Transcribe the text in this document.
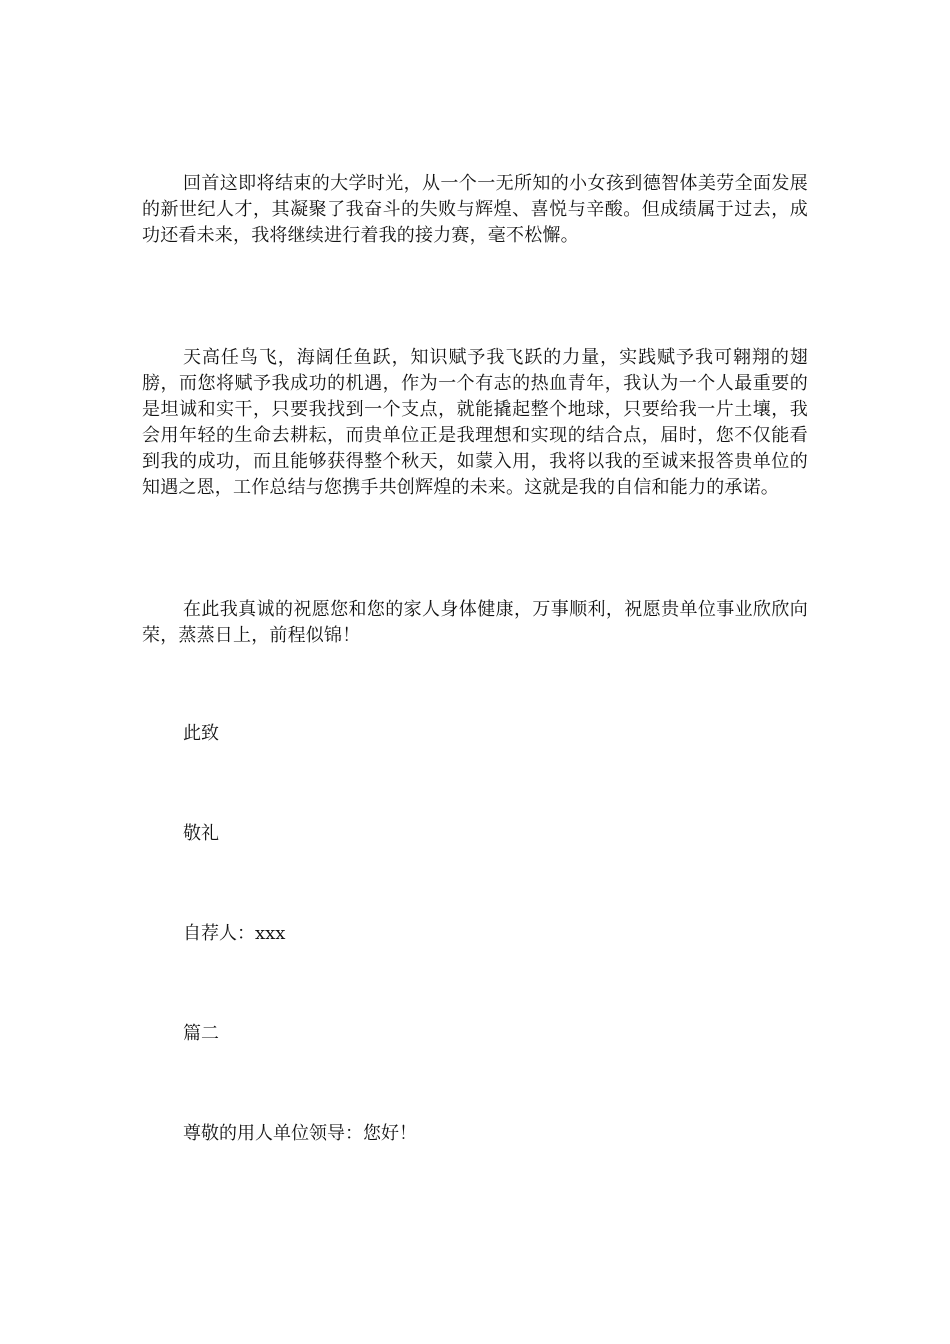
回首这即将结束的大学时光，从一个一无所知的小女孩到德智体美劳全面发展的新世纪人才，其凝聚了我奋斗的失败与辉煌、喜悦与辛酸。但成绩属于过去，成功还看未来，我将继续进行着我的接力赛，毫不松懈。

天高任鸟飞，海阔任鱼跃，知识赋予我飞跃的力量，实践赋予我可翱翔的翅膀，而您将赋予我成功的机遇，作为一个有志的热血青年，我认为一个人最重要的是坦诚和实干，只要我找到一个支点，就能撬起整个地球，只要给我一片土壤，我会用年轻的生命去耕耘，而贵单位正是我理想和实现的结合点，届时，您不仅能看到我的成功，而且能够获得整个秋天，如蒙入用，我将以我的至诚来报答贵单位的知遇之恩，工作总结与您携手共创辉煌的未来。这就是我的自信和能力的承诺。

在此我真诚的祝愿您和您的家人身体健康，万事顺利，祝愿贵单位事业欣欣向荣，蒸蒸日上，前程似锦！

此致

敬礼

自荐人：xxx

篇二

尊敬的用人单位领导：您好！
